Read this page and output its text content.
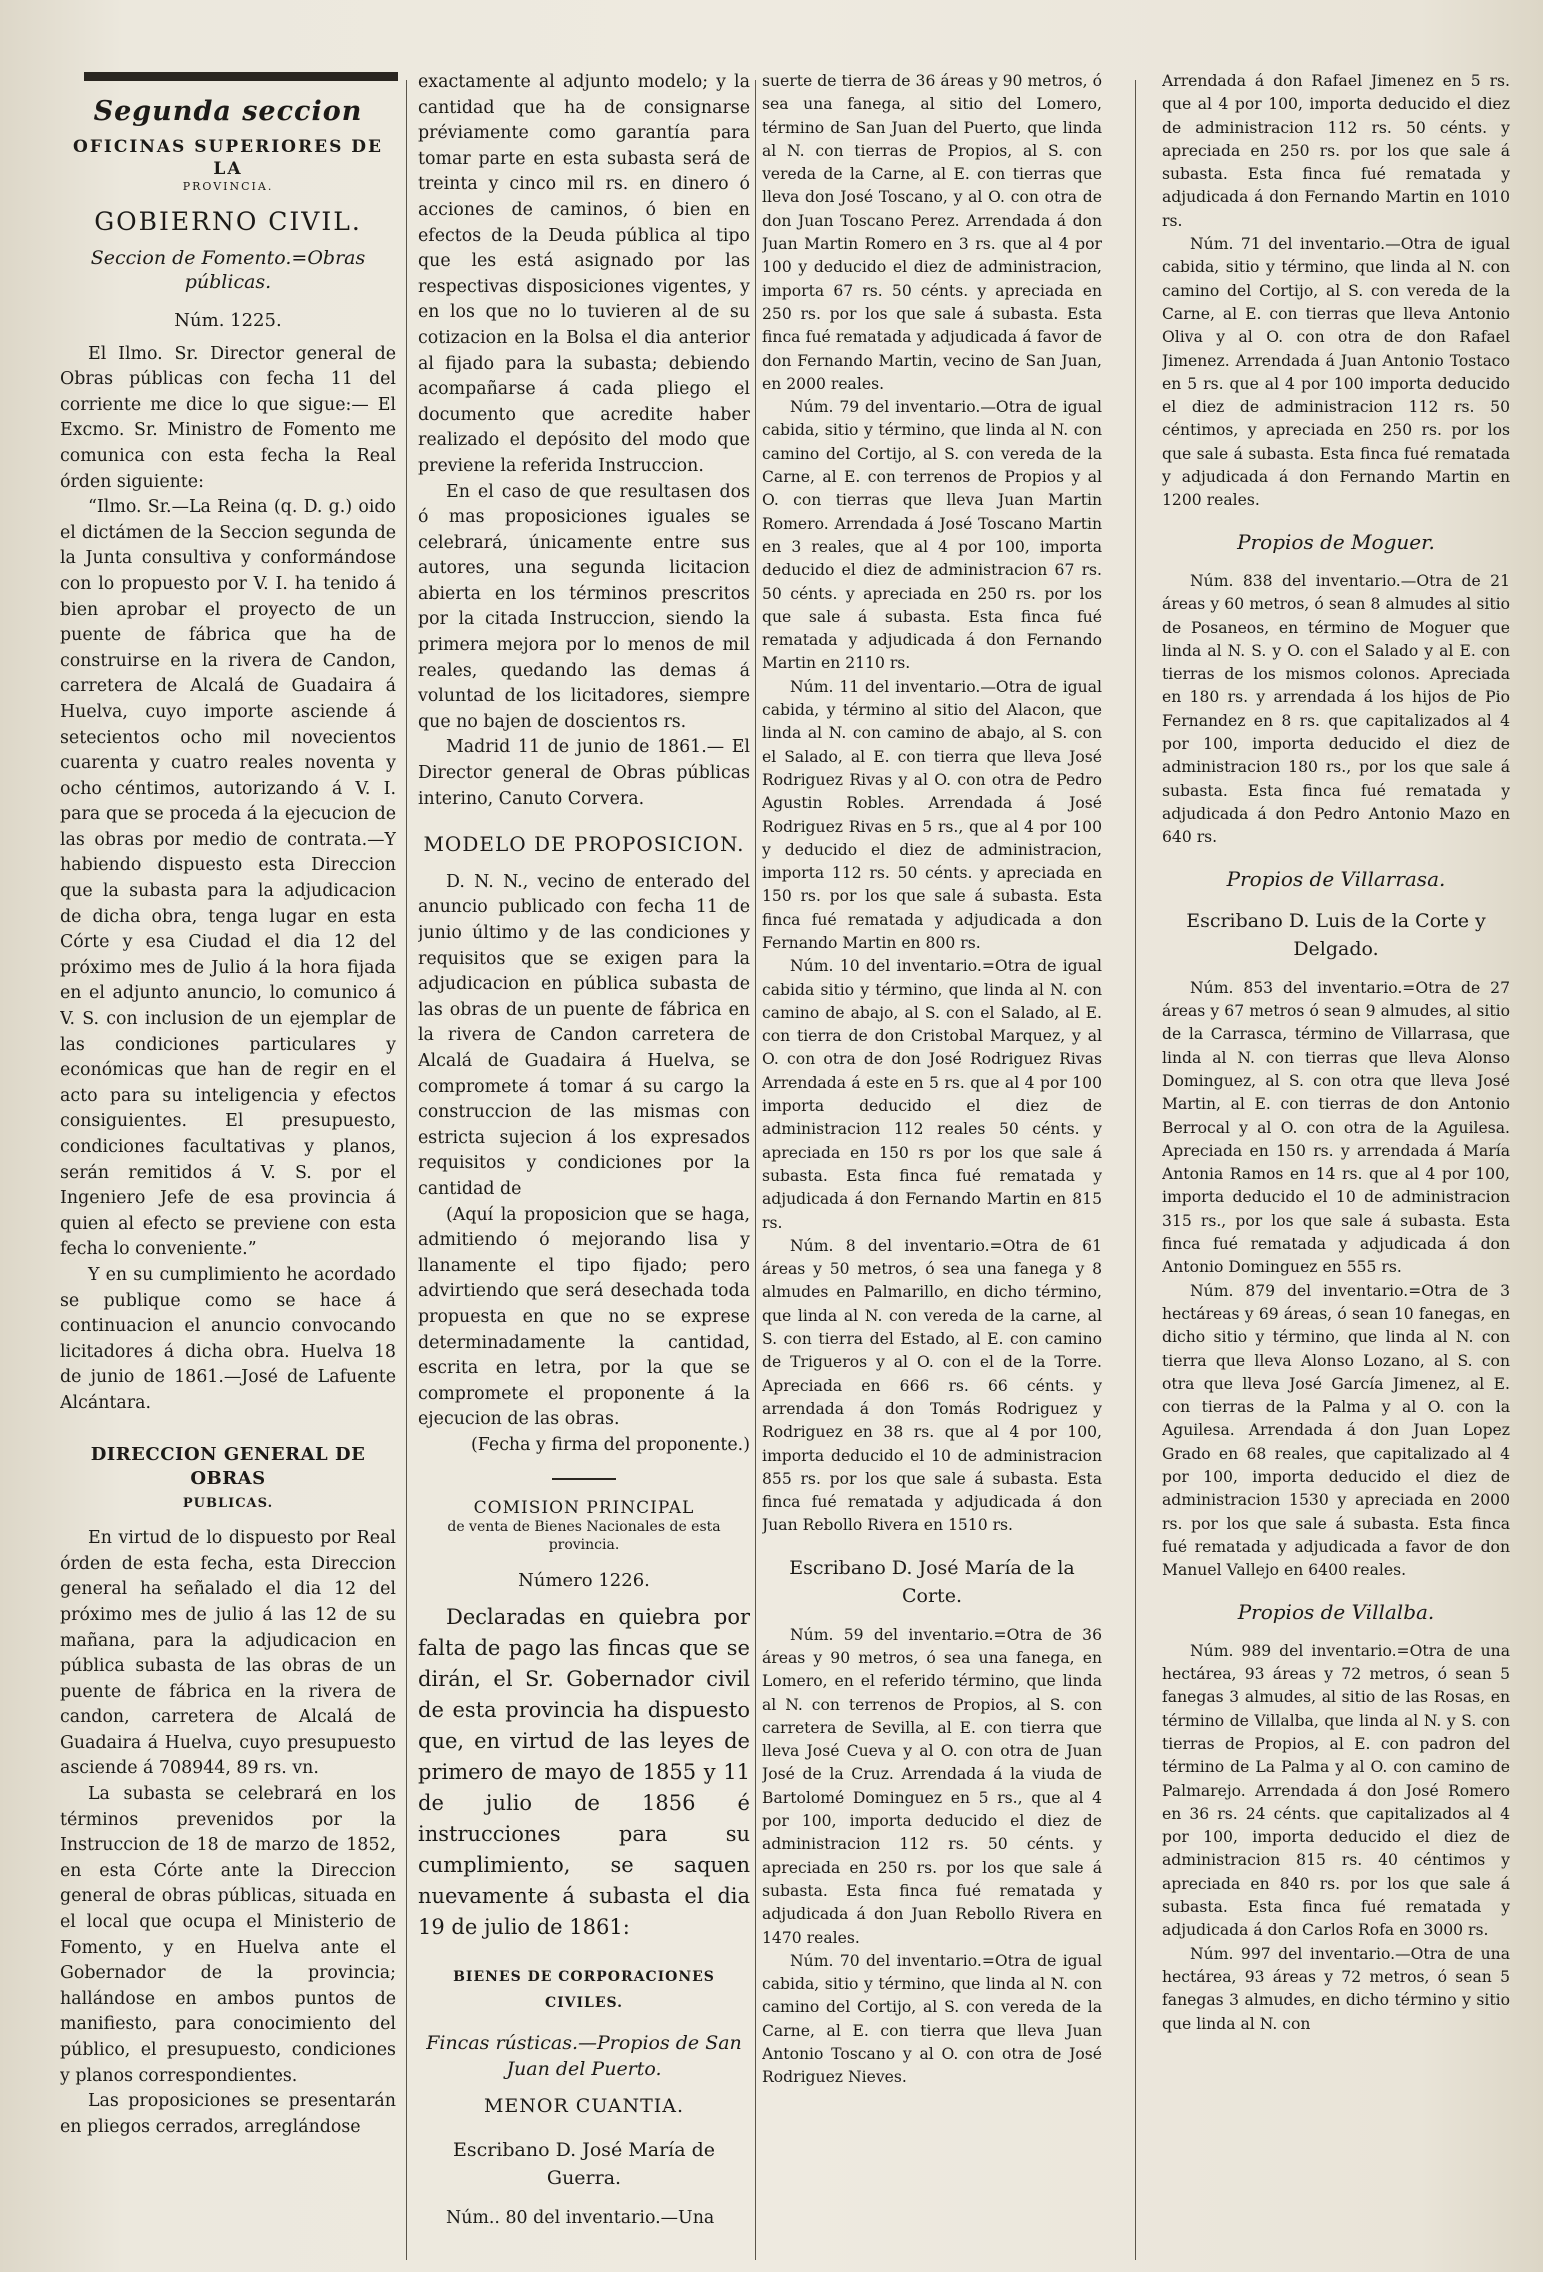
Segunda seccion
OFICINAS SUPERIORES DE LA
PROVINCIA.
GOBIERNO CIVIL.
Seccion de Fomento.=Obras públicas.
Núm. 1225.

El Ilmo. Sr. Director general de Obras públicas con fecha 11 del corriente me dice lo que sigue:— El Excmo. Sr. Ministro de Fomento me comunica con esta fecha la Real órden siguiente:

“Ilmo. Sr.—La Reina (q. D. g.) oido el dictámen de la Seccion segunda de la Junta consultiva y conformándose con lo propuesto por V. I. ha tenido á bien aprobar el proyecto de un puente de fábrica que ha de construirse en la rivera de Candon, carretera de Alcalá de Guadaira á Huelva, cuyo importe asciende á setecientos ocho mil novecientos cuarenta y cuatro reales noventa y ocho céntimos, autorizando á V. I. para que se proceda á la ejecucion de las obras por medio de contrata.—Y habiendo dispuesto esta Direccion que la subasta para la adjudicacion de dicha obra, tenga lugar en esta Córte y esa Ciudad el dia 12 del próximo mes de Julio á la hora fijada en el adjunto anuncio, lo comunico á V. S. con inclusion de un ejemplar de las condiciones particulares y económicas que han de regir en el acto para su inteligencia y efectos consiguientes. El presupuesto, condiciones facultativas y planos, serán remitidos á V. S. por el Ingeniero Jefe de esa provincia á quien al efecto se previene con esta fecha lo conveniente.”

Y en su cumplimiento he acordado se publique como se hace á continuacion el anuncio convocando licitadores á dicha obra. Huelva 18 de junio de 1861.—José de Lafuente Alcántara.

DIRECCION GENERAL DE OBRAS
PUBLICAS.

En virtud de lo dispuesto por Real órden de esta fecha, esta Direccion general ha señalado el dia 12 del próximo mes de julio á las 12 de su mañana, para la adjudicacion en pública subasta de las obras de un puente de fábrica en la rivera de candon, carretera de Alcalá de Guadaira á Huelva, cuyo presupuesto asciende á 708944, 89 rs. vn.

La subasta se celebrará en los términos prevenidos por la Instruccion de 18 de marzo de 1852, en esta Córte ante la Direccion general de obras públicas, situada en el local que ocupa el Ministerio de Fomento, y en Huelva ante el Gobernador de la provincia; hallándose en ambos puntos de manifiesto, para conocimiento del público, el presupuesto, condiciones y planos correspondientes.

Las proposiciones se presentarán en pliegos cerrados, arreglándose

exactamente al adjunto modelo; y la cantidad que ha de consignarse préviamente como garantía para tomar parte en esta subasta será de treinta y cinco mil rs. en dinero ó acciones de caminos, ó bien en efectos de la Deuda pública al tipo que les está asignado por las respectivas disposiciones vigentes, y en los que no lo tuvieren al de su cotizacion en la Bolsa el dia anterior al fijado para la subasta; debiendo acompañarse á cada pliego el documento que acredite haber realizado el depósito del modo que previene la referida Instruccion.

En el caso de que resultasen dos ó mas proposiciones iguales se celebrará, únicamente entre sus autores, una segunda licitacion abierta en los términos prescritos por la citada Instruccion, siendo la primera mejora por lo menos de mil reales, quedando las demas á voluntad de los licitadores, siempre que no bajen de doscientos rs.

Madrid 11 de junio de 1861.— El Director general de Obras públicas interino, Canuto Corvera.

MODELO DE PROPOSICION.

D. N. N., vecino de enterado del anuncio publicado con fecha 11 de junio último y de las condiciones y requisitos que se exigen para la adjudicacion en pública subasta de las obras de un puente de fábrica en la rivera de Candon carretera de Alcalá de Guadaira á Huelva, se compromete á tomar á su cargo la construccion de las mismas con estricta sujecion á los expresados requisitos y condiciones por la cantidad de

(Aquí la proposicion que se haga, admitiendo ó mejorando lisa y llanamente el tipo fijado; pero advirtiendo que será desechada toda propuesta en que no se exprese determinadamente la cantidad, escrita en letra, por la que se compromete el proponente á la ejecucion de las obras.

(Fecha y firma del proponente.)

COMISION PRINCIPAL
de venta de Bienes Nacionales de esta provincia.
Número 1226.

Declaradas en quiebra por falta de pago las fincas que se dirán, el Sr. Gobernador civil de esta provincia ha dispuesto que, en virtud de las leyes de primero de mayo de 1855 y 11 de julio de 1856 é instrucciones para su cumplimiento, se saquen nuevamente á subasta el dia 19 de julio de 1861:

BIENES DE CORPORACIONES CIVILES.
Fincas rústicas.—Propios de San Juan del Puerto.
MENOR CUANTIA.
Escribano D. José María de Guerra.

Núm.. 80 del inventario.—Una

suerte de tierra de 36 áreas y 90 metros, ó sea una fanega, al sitio del Lomero, término de San Juan del Puerto, que linda al N. con tierras de Propios, al S. con vereda de la Carne, al E. con tierras que lleva don José Toscano, y al O. con otra de don Juan Toscano Perez. Arrendada á don Juan Martin Romero en 3 rs. que al 4 por 100 y deducido el diez de administracion, importa 67 rs. 50 cénts. y apreciada en 250 rs. por los que sale á subasta. Esta finca fué rematada y adjudicada á favor de don Fernando Martin, vecino de San Juan, en 2000 reales.

Núm. 79 del inventario.—Otra de igual cabida, sitio y término, que linda al N. con camino del Cortijo, al S. con vereda de la Carne, al E. con terrenos de Propios y al O. con tierras que lleva Juan Martin Romero. Arrendada á José Toscano Martin en 3 reales, que al 4 por 100, importa deducido el diez de administracion 67 rs. 50 cénts. y apreciada en 250 rs. por los que sale á subasta. Esta finca fué rematada y adjudicada á don Fernando Martin en 2110 rs.

Núm. 11 del inventario.—Otra de igual cabida, y término al sitio del Alacon, que linda al N. con camino de abajo, al S. con el Salado, al E. con tierra que lleva José Rodriguez Rivas y al O. con otra de Pedro Agustin Robles. Arrendada á José Rodriguez Rivas en 5 rs., que al 4 por 100 y deducido el diez de administracion, importa 112 rs. 50 cénts. y apreciada en 150 rs. por los que sale á subasta. Esta finca fué rematada y adjudicada a don Fernando Martin en 800 rs.

Núm. 10 del inventario.=Otra de igual cabida sitio y término, que linda al N. con camino de abajo, al S. con el Salado, al E. con tierra de don Cristobal Marquez, y al O. con otra de don José Rodriguez Rivas Arrendada á este en 5 rs. que al 4 por 100 importa deducido el diez de administracion 112 reales 50 cénts. y apreciada en 150 rs por los que sale á subasta. Esta finca fué rematada y adjudicada á don Fernando Martin en 815 rs.

Núm. 8 del inventario.=Otra de 61 áreas y 50 metros, ó sea una fanega y 8 almudes en Palmarillo, en dicho término, que linda al N. con vereda de la carne, al S. con tierra del Estado, al E. con camino de Trigueros y al O. con el de la Torre. Apreciada en 666 rs. 66 cénts. y arrendada á don Tomás Rodriguez y Rodriguez en 38 rs. que al 4 por 100, importa deducido el 10 de administracion 855 rs. por los que sale á subasta. Esta finca fué rematada y adjudicada á don Juan Rebollo Rivera en 1510 rs.

Escribano D. José María de la Corte.

Núm. 59 del inventario.=Otra de 36 áreas y 90 metros, ó sea una fanega, en Lomero, en el referido término, que linda al N. con terrenos de Propios, al S. con carretera de Sevilla, al E. con tierra que lleva José Cueva y al O. con otra de Juan José de la Cruz. Arrendada á la viuda de Bartolomé Dominguez en 5 rs., que al 4 por 100, importa deducido el diez de administracion 112 rs. 50 cénts. y apreciada en 250 rs. por los que sale á subasta. Esta finca fué rematada y adjudicada á don Juan Rebollo Rivera en 1470 reales.

Núm. 70 del inventario.=Otra de igual cabida, sitio y término, que linda al N. con camino del Cortijo, al S. con vereda de la Carne, al E. con tierra que lleva Juan Antonio Toscano y al O. con otra de José Rodriguez Nieves.

Arrendada á don Rafael Jimenez en 5 rs. que al 4 por 100, importa deducido el diez de administracion 112 rs. 50 cénts. y apreciada en 250 rs. por los que sale á subasta. Esta finca fué rematada y adjudicada á don Fernando Martin en 1010 rs.

Núm. 71 del inventario.—Otra de igual cabida, sitio y término, que linda al N. con camino del Cortijo, al S. con vereda de la Carne, al E. con tierras que lleva Antonio Oliva y al O. con otra de don Rafael Jimenez. Arrendada á Juan Antonio Tostaco en 5 rs. que al 4 por 100 importa deducido el diez de administracion 112 rs. 50 céntimos, y apreciada en 250 rs. por los que sale á subasta. Esta finca fué rematada y adjudicada á don Fernando Martin en 1200 reales.

Propios de Moguer.

Núm. 838 del inventario.—Otra de 21 áreas y 60 metros, ó sean 8 almudes al sitio de Posaneos, en término de Moguer que linda al N. S. y O. con el Salado y al E. con tierras de los mismos colonos. Apreciada en 180 rs. y arrendada á los hijos de Pio Fernandez en 8 rs. que capitalizados al 4 por 100, importa deducido el diez de administracion 180 rs., por los que sale á subasta. Esta finca fué rematada y adjudicada á don Pedro Antonio Mazo en 640 rs.

Propios de Villarrasa.
Escribano D. Luis de la Corte y Delgado.

Núm. 853 del inventario.=Otra de 27 áreas y 67 metros ó sean 9 almudes, al sitio de la Carrasca, término de Villarrasa, que linda al N. con tierras que lleva Alonso Dominguez, al S. con otra que lleva José Martin, al E. con tierras de don Antonio Berrocal y al O. con otra de la Aguilesa. Apreciada en 150 rs. y arrendada á María Antonia Ramos en 14 rs. que al 4 por 100, importa deducido el 10 de administracion 315 rs., por los que sale á subasta. Esta finca fué rematada y adjudicada á don Antonio Dominguez en 555 rs.

Núm. 879 del inventario.=Otra de 3 hectáreas y 69 áreas, ó sean 10 fanegas, en dicho sitio y término, que linda al N. con tierra que lleva Alonso Lozano, al S. con otra que lleva José García Jimenez, al E. con tierras de la Palma y al O. con la Aguilesa. Arrendada á don Juan Lopez Grado en 68 reales, que capitalizado al 4 por 100, importa deducido el diez de administracion 1530 y apreciada en 2000 rs. por los que sale á subasta. Esta finca fué rematada y adjudicada a favor de don Manuel Vallejo en 6400 reales.

Propios de Villalba.

Núm. 989 del inventario.=Otra de una hectárea, 93 áreas y 72 metros, ó sean 5 fanegas 3 almudes, al sitio de las Rosas, en término de Villalba, que linda al N. y S. con tierras de Propios, al E. con padron del término de La Palma y al O. con camino de Palmarejo. Arrendada á don José Romero en 36 rs. 24 cénts. que capitalizados al 4 por 100, importa deducido el diez de administracion 815 rs. 40 céntimos y apreciada en 840 rs. por los que sale á subasta. Esta finca fué rematada y adjudicada á don Carlos Rofa en 3000 rs.

Núm. 997 del inventario.—Otra de una hectárea, 93 áreas y 72 metros, ó sean 5 fanegas 3 almudes, en dicho término y sitio que linda al N. con
